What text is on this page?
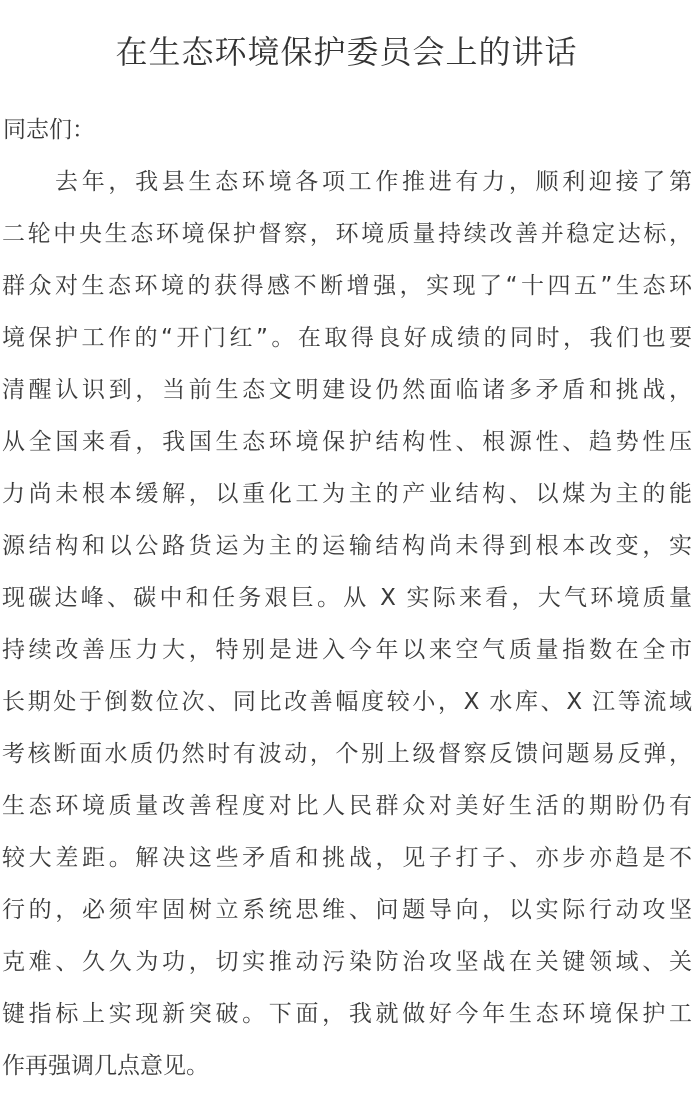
在生态环境保护委员会上的讲话
同志们：
去年，我县生态环境各项工作推进有力，顺利迎接了第
二轮中央生态环境保护督察，环境质量持续改善并稳定达标，
群众对生态环境的获得感不断增强，实现了“十四五”生态环
境保护工作的“开门红”。在取得良好成绩的同时，我们也要
清醒认识到，当前生态文明建设仍然面临诸多矛盾和挑战，
从全国来看，我国生态环境保护结构性、根源性、趋势性压
力尚未根本缓解，以重化工为主的产业结构、以煤为主的能
源结构和以公路货运为主的运输结构尚未得到根本改变，实
现碳达峰、碳中和任务艰巨。从 X 实际来看，大气环境质量
持续改善压力大，特别是进入今年以来空气质量指数在全市
长期处于倒数位次、同比改善幅度较小，X 水库、X 江等流域
考核断面水质仍然时有波动，个别上级督察反馈问题易反弹，
生态环境质量改善程度对比人民群众对美好生活的期盼仍有
较大差距。解决这些矛盾和挑战，见子打子、亦步亦趋是不
行的，必须牢固树立系统思维、问题导向，以实际行动攻坚
克难、久久为功，切实推动污染防治攻坚战在关键领域、关
键指标上实现新突破。下面，我就做好今年生态环境保护工
作再强调几点意见。
